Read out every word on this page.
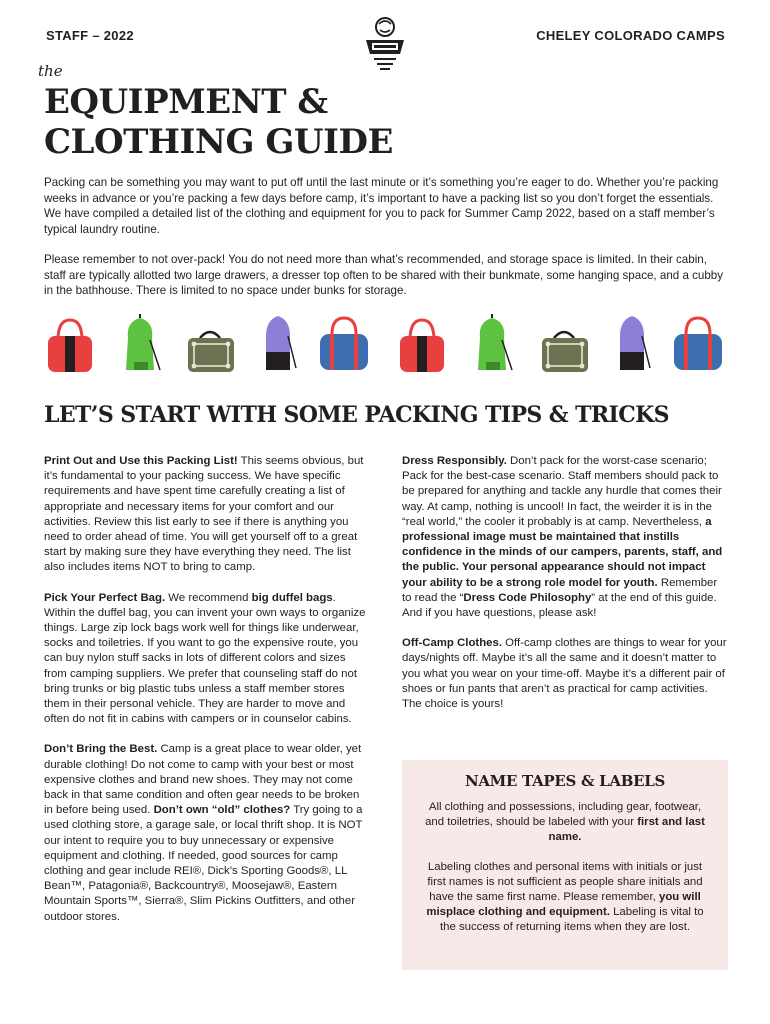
STAFF – 2022	CHELEY COLORADO CAMPS
the
EQUIPMENT &
CLOTHING GUIDE

Packing can be something you may want to put off until the last minute or it’s something you’re eager to do. Whether you’re packing weeks in advance or you’re packing a few days before camp, it’s important to have a packing list so you don’t forget the essentials. We have compiled a detailed list of the clothing and equipment for you to pack for Summer Camp 2022, based on a staff member’s typical laundry routine.

Please remember to not over-pack! You do not need more than what’s recommended, and storage space is limited. In their cabin, staff are typically allotted two large drawers, a dresser top often to be shared with their bunkmate, some hanging space, and a cubby in the bathhouse. There is limited to no space under bunks for storage.

LET’S START WITH SOME PACKING TIPS & TRICKS

Print Out and Use this Packing List! This seems obvious, but it’s fundamental to your packing success. We have specific requirements and have spent time carefully creating a list of appropriate and necessary items for your comfort and our activities. Review this list early to see if there is anything you need to order ahead of time. You will get yourself off to a great start by making sure they have everything they need. The list also includes items NOT to bring to camp.

Pick Your Perfect Bag. We recommend big duffel bags. Within the duffel bag, you can invent your own ways to organize things. Large zip lock bags work well for things like underwear, socks and toiletries. If you want to go the expensive route, you can buy nylon stuff sacks in lots of different colors and sizes from camping suppliers. We prefer that counseling staff do not bring trunks or big plastic tubs unless a staff member stores them in their personal vehicle. They are harder to move and often do not fit in cabins with campers or in counselor cabins.

Don’t Bring the Best. Camp is a great place to wear older, yet durable clothing! Do not come to camp with your best or most expensive clothes and brand new shoes. They may not come back in that same condition and often gear needs to be broken in before being used. Don’t own “old” clothes? Try going to a used clothing store, a garage sale, or local thrift shop. It is NOT our intent to require you to buy unnecessary or expensive equipment and clothing. If needed, good sources for camp clothing and gear include REI®, Dick’s Sporting Goods®, LL Bean™, Patagonia®, Backcountry®, Moosejaw®, Eastern Mountain Sports™, Sierra®, Slim Pickins Outfitters, and other outdoor stores.

Dress Responsibly. Don’t pack for the worst-case scenario; Pack for the best-case scenario. Staff members should pack to be prepared for anything and tackle any hurdle that comes their way. At camp, nothing is uncool! In fact, the weirder it is in the “real world,” the cooler it probably is at camp. Nevertheless, a professional image must be maintained that instills confidence in the minds of our campers, parents, staff, and the public. Your personal appearance should not impact your ability to be a strong role model for youth. Remember to read the “Dress Code Philosophy” at the end of this guide. And if you have questions, please ask!

Off-Camp Clothes. Off-camp clothes are things to wear for your days/nights off. Maybe it’s all the same and it doesn’t matter to you what you wear on your time-off. Maybe it’s a different pair of shoes or fun pants that aren’t as practical for camp activities. The choice is yours!

NAME TAPES & LABELS

All clothing and possessions, including gear, footwear, and toiletries, should be labeled with your first and last name.

Labeling clothes and personal items with initials or just first names is not sufficient as people share initials and have the same first name. Please remember, you will misplace clothing and equipment. Labeling is vital to the success of returning items when they are lost.
